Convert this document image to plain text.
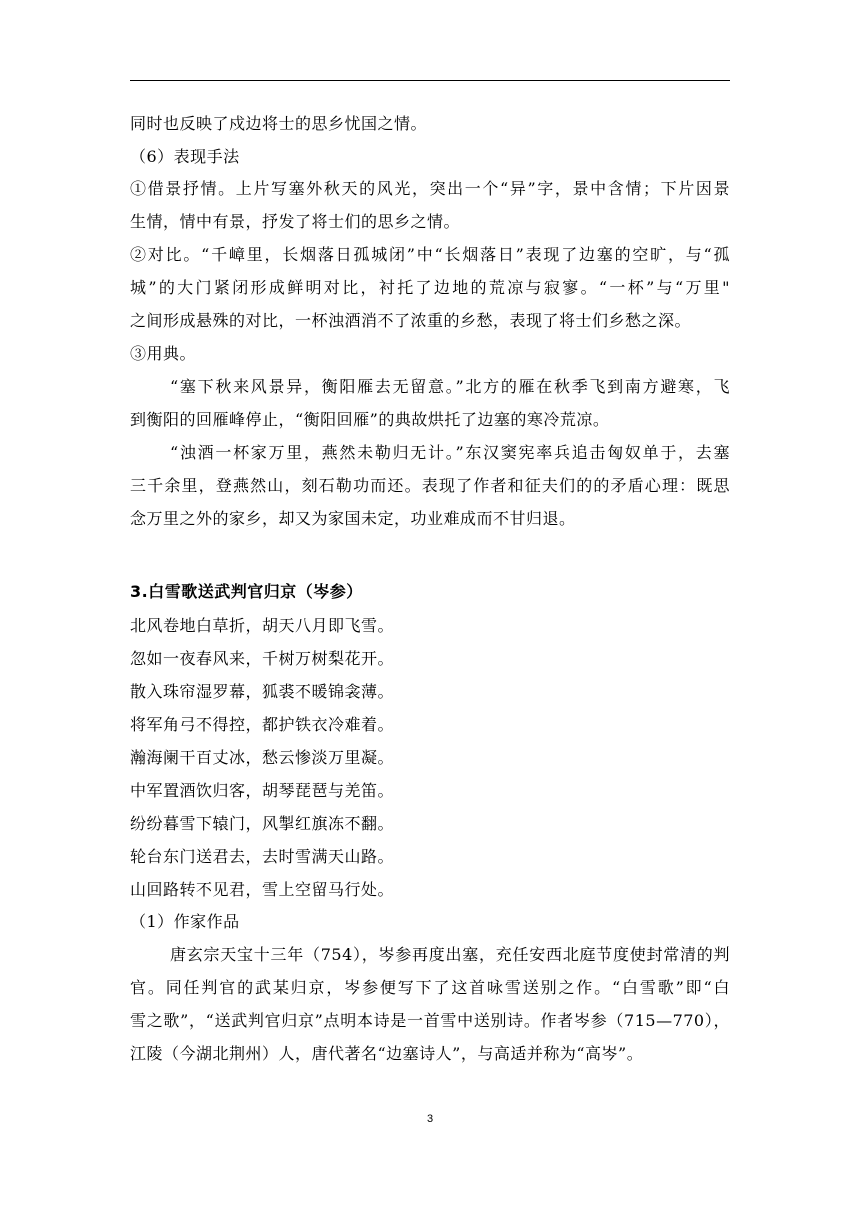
同时也反映了戍边将士的思乡忧国之情。
（6）表现手法
①借景抒情。上片写塞外秋天的风光，突出一个“异”字，景中含情；下片因景
生情，情中有景，抒发了将士们的思乡之情。
②对比。“千嶂里，长烟落日孤城闭”中“长烟落日”表现了边塞的空旷，与“孤
城”的大门紧闭形成鲜明对比，衬托了边地的荒凉与寂寥。“一杯”与“万里"
之间形成悬殊的对比，一杯浊酒消不了浓重的乡愁，表现了将士们乡愁之深。
③用典。
“塞下秋来风景异，衡阳雁去无留意。”北方的雁在秋季飞到南方避寒，飞
到衡阳的回雁峰停止，“衡阳回雁”的典故烘托了边塞的寒冷荒凉。
“浊酒一杯家万里，燕然未勒归无计。”东汉窦宪率兵追击匈奴单于，去塞
三千余里，登燕然山，刻石勒功而还。表现了作者和征夫们的的矛盾心理：既思
念万里之外的家乡，却又为家国未定，功业难成而不甘归退。
3.白雪歌送武判官归京（岑参）
北风卷地白草折，胡天八月即飞雪。
忽如一夜春风来，千树万树梨花开。
散入珠帘湿罗幕，狐裘不暖锦衾薄。
将军角弓不得控，都护铁衣冷难着。
瀚海阑干百丈冰，愁云惨淡万里凝。
中军置酒饮归客，胡琴琵琶与羌笛。
纷纷暮雪下辕门，风掣红旗冻不翻。
轮台东门送君去，去时雪满天山路。
山回路转不见君，雪上空留马行处。
（1）作家作品
唐玄宗天宝十三年（754），岑参再度出塞，充任安西北庭节度使封常清的判
官。同任判官的武某归京，岑参便写下了这首咏雪送别之作。“白雪歌”即“白
雪之歌”，“送武判官归京”点明本诗是一首雪中送别诗。作者岑参（715—770），
江陵（今湖北荆州）人，唐代著名“边塞诗人”，与高适并称为“高岑”。
3
